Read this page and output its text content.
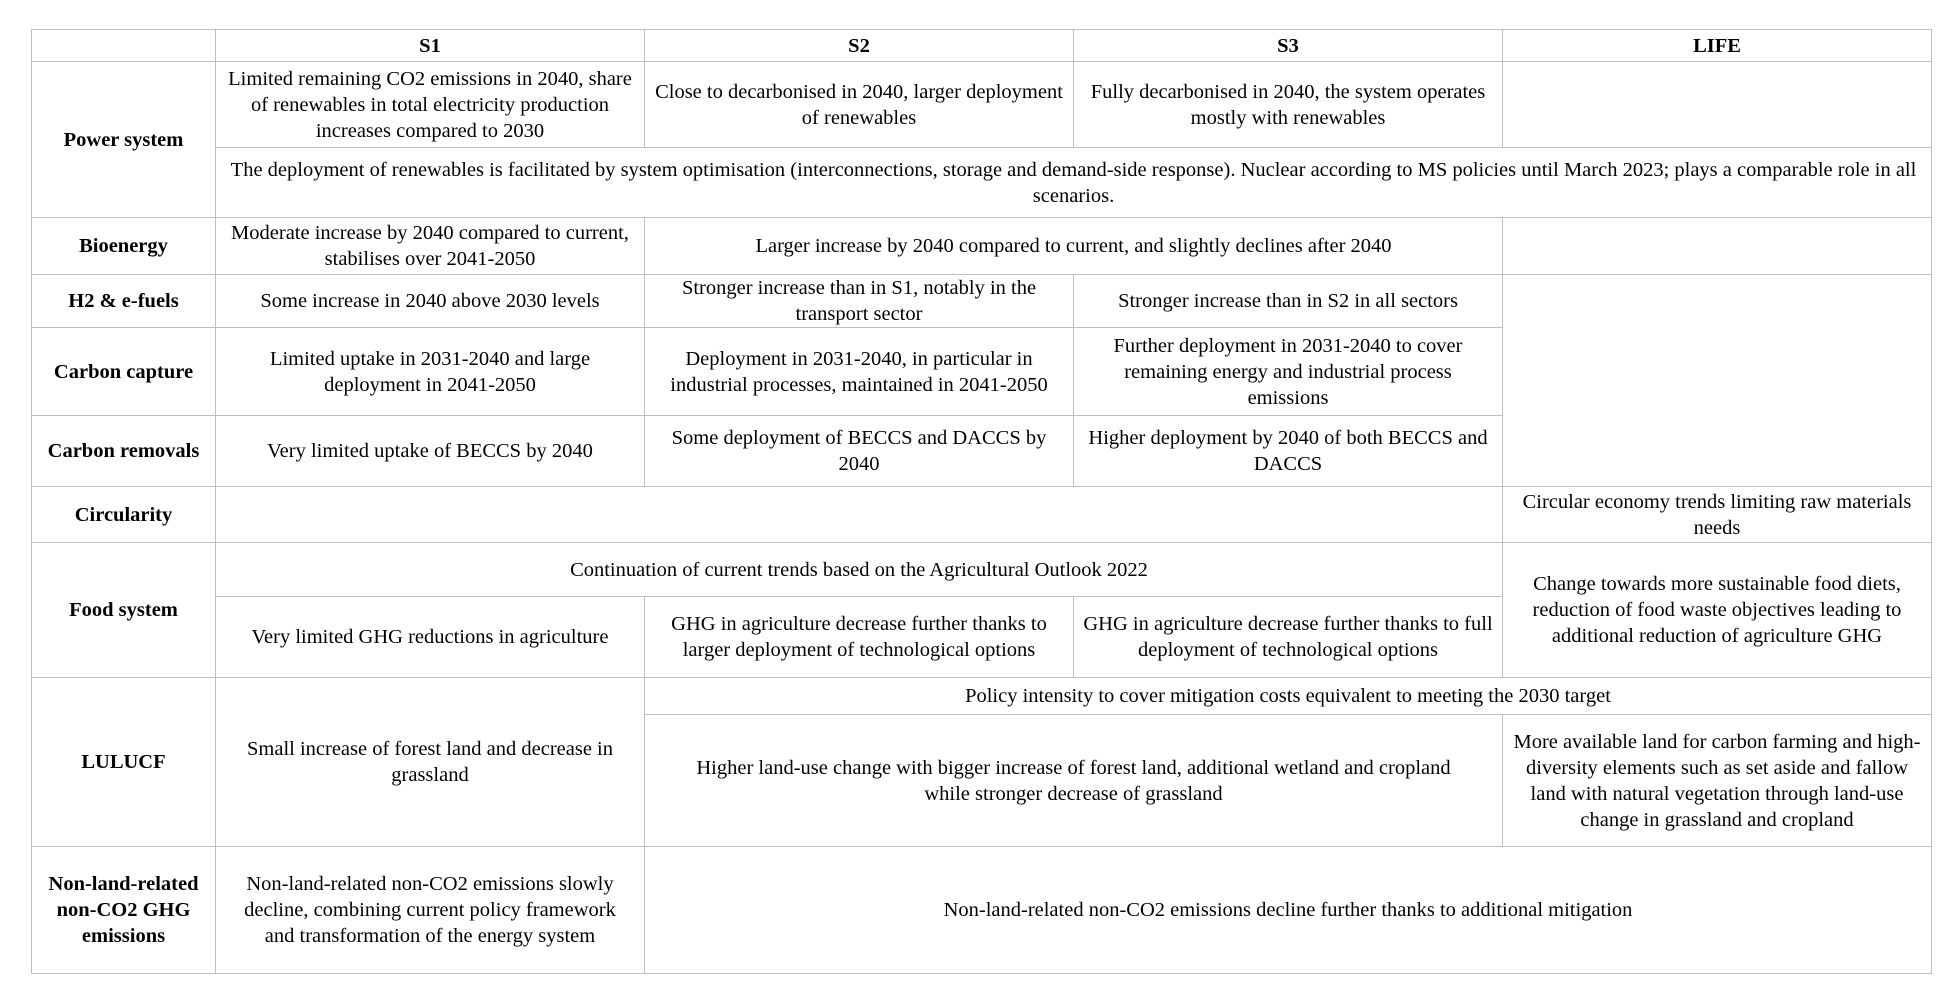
	S1	S2	S3	LIFE
Power system	Limited remaining CO2 emissions in 2040, share of renewables in total electricity production increases compared to 2030	Close to decarbonised in 2040, larger deployment of renewables	Fully decarbonised in 2040, the system operates mostly with renewables	
	The deployment of renewables is facilitated by system optimisation (interconnections, storage and demand-side response). Nuclear according to MS policies until March 2023; plays a comparable role in all scenarios.			
Bioenergy	Moderate increase by 2040 compared to current, stabilises over 2041-2050	Larger increase by 2040 compared to current, and slightly declines after 2040		
H2 & e-fuels	Some increase in 2040 above 2030 levels	Stronger increase than in S1, notably in the transport sector	Stronger increase than in S2 in all sectors	
Carbon capture	Limited uptake in 2031-2040 and large deployment in 2041-2050	Deployment in 2031-2040, in particular in industrial processes, maintained in 2041-2050	Further deployment in 2031-2040 to cover remaining energy and industrial process emissions	
Carbon removals	Very limited uptake of BECCS by 2040	Some deployment of BECCS and DACCS by 2040	Higher deployment by 2040 of both BECCS and DACCS	
Circularity				Circular economy trends limiting raw materials needs
Food system	Continuation of current trends based on the Agricultural Outlook 2022			Change towards more sustainable food diets, reduction of food waste objectives leading to additional reduction of agriculture GHG
	Very limited GHG reductions in agriculture	GHG in agriculture decrease further thanks to larger deployment of technological options	GHG in agriculture decrease further thanks to full deployment of technological options	
LULUCF	Small increase of forest land and decrease in grassland	Policy intensity to cover mitigation costs equivalent to meeting the 2030 target		
		Higher land-use change with bigger increase of forest land, additional wetland and cropland while stronger decrease of grassland		More available land for carbon farming and high-diversity elements such as set aside and fallow land with natural vegetation through land-use change in grassland and cropland
Non-land-related non-CO2 GHG emissions	Non-land-related non-CO2 emissions slowly decline, combining current policy framework and transformation of the energy system	Non-land-related non-CO2 emissions decline further thanks to additional mitigation		
